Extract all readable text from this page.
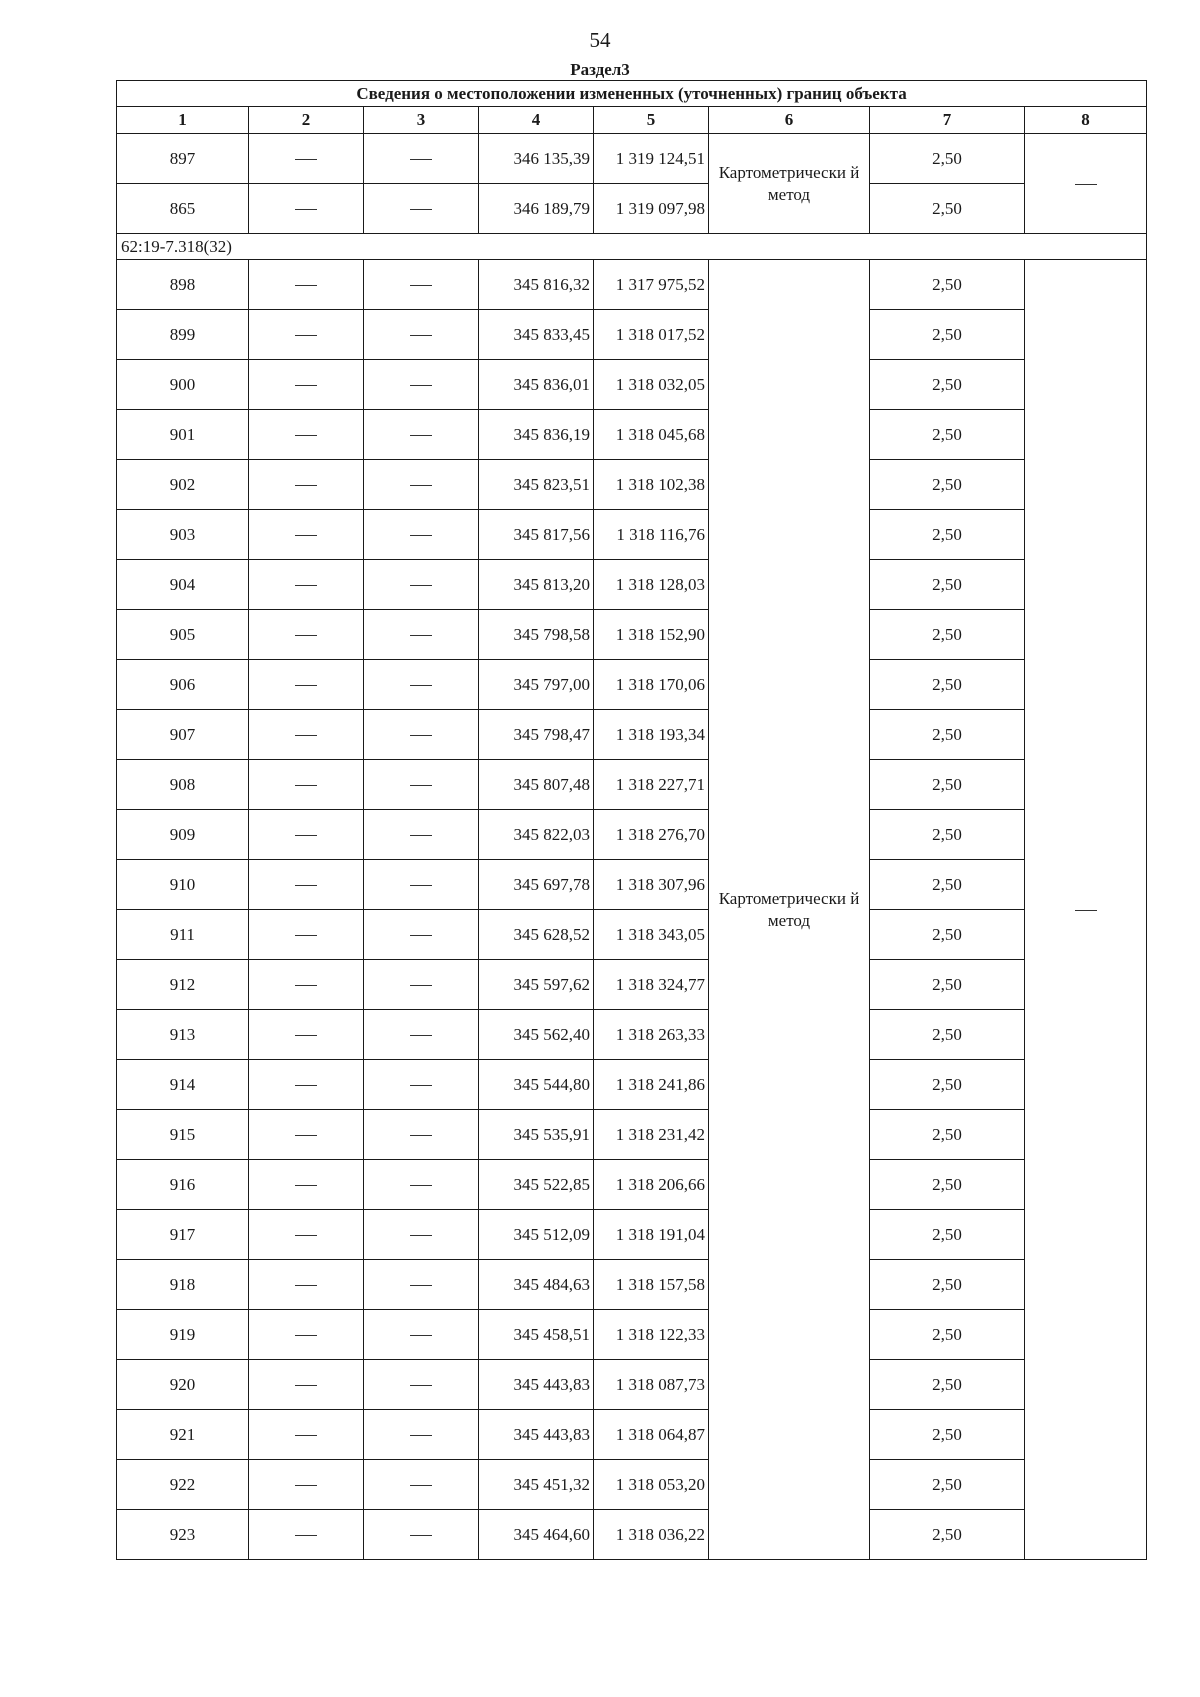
54
Раздел3
Сведения о местоположении измененных (уточненных) границ объекта							
1	2	3	4	5	6	7	8
897			346 135,39	1 319 124,51	Картометрически й метод	2,50	
865			346 189,79	1 319 097,98		2,50	
62:19-7.318(32)							
898			345 816,32	1 317 975,52	Картометрически й метод	2,50	
899			345 833,45	1 318 017,52		2,50	
900			345 836,01	1 318 032,05		2,50	
901			345 836,19	1 318 045,68		2,50	
902			345 823,51	1 318 102,38		2,50	
903			345 817,56	1 318 116,76		2,50	
904			345 813,20	1 318 128,03		2,50	
905			345 798,58	1 318 152,90		2,50	
906			345 797,00	1 318 170,06		2,50	
907			345 798,47	1 318 193,34		2,50	
908			345 807,48	1 318 227,71		2,50	
909			345 822,03	1 318 276,70		2,50	
910			345 697,78	1 318 307,96		2,50	
911			345 628,52	1 318 343,05		2,50	
912			345 597,62	1 318 324,77		2,50	
913			345 562,40	1 318 263,33		2,50	
914			345 544,80	1 318 241,86		2,50	
915			345 535,91	1 318 231,42		2,50	
916			345 522,85	1 318 206,66		2,50	
917			345 512,09	1 318 191,04		2,50	
918			345 484,63	1 318 157,58		2,50	
919			345 458,51	1 318 122,33		2,50	
920			345 443,83	1 318 087,73		2,50	
921			345 443,83	1 318 064,87		2,50	
922			345 451,32	1 318 053,20		2,50	
923			345 464,60	1 318 036,22		2,50	
